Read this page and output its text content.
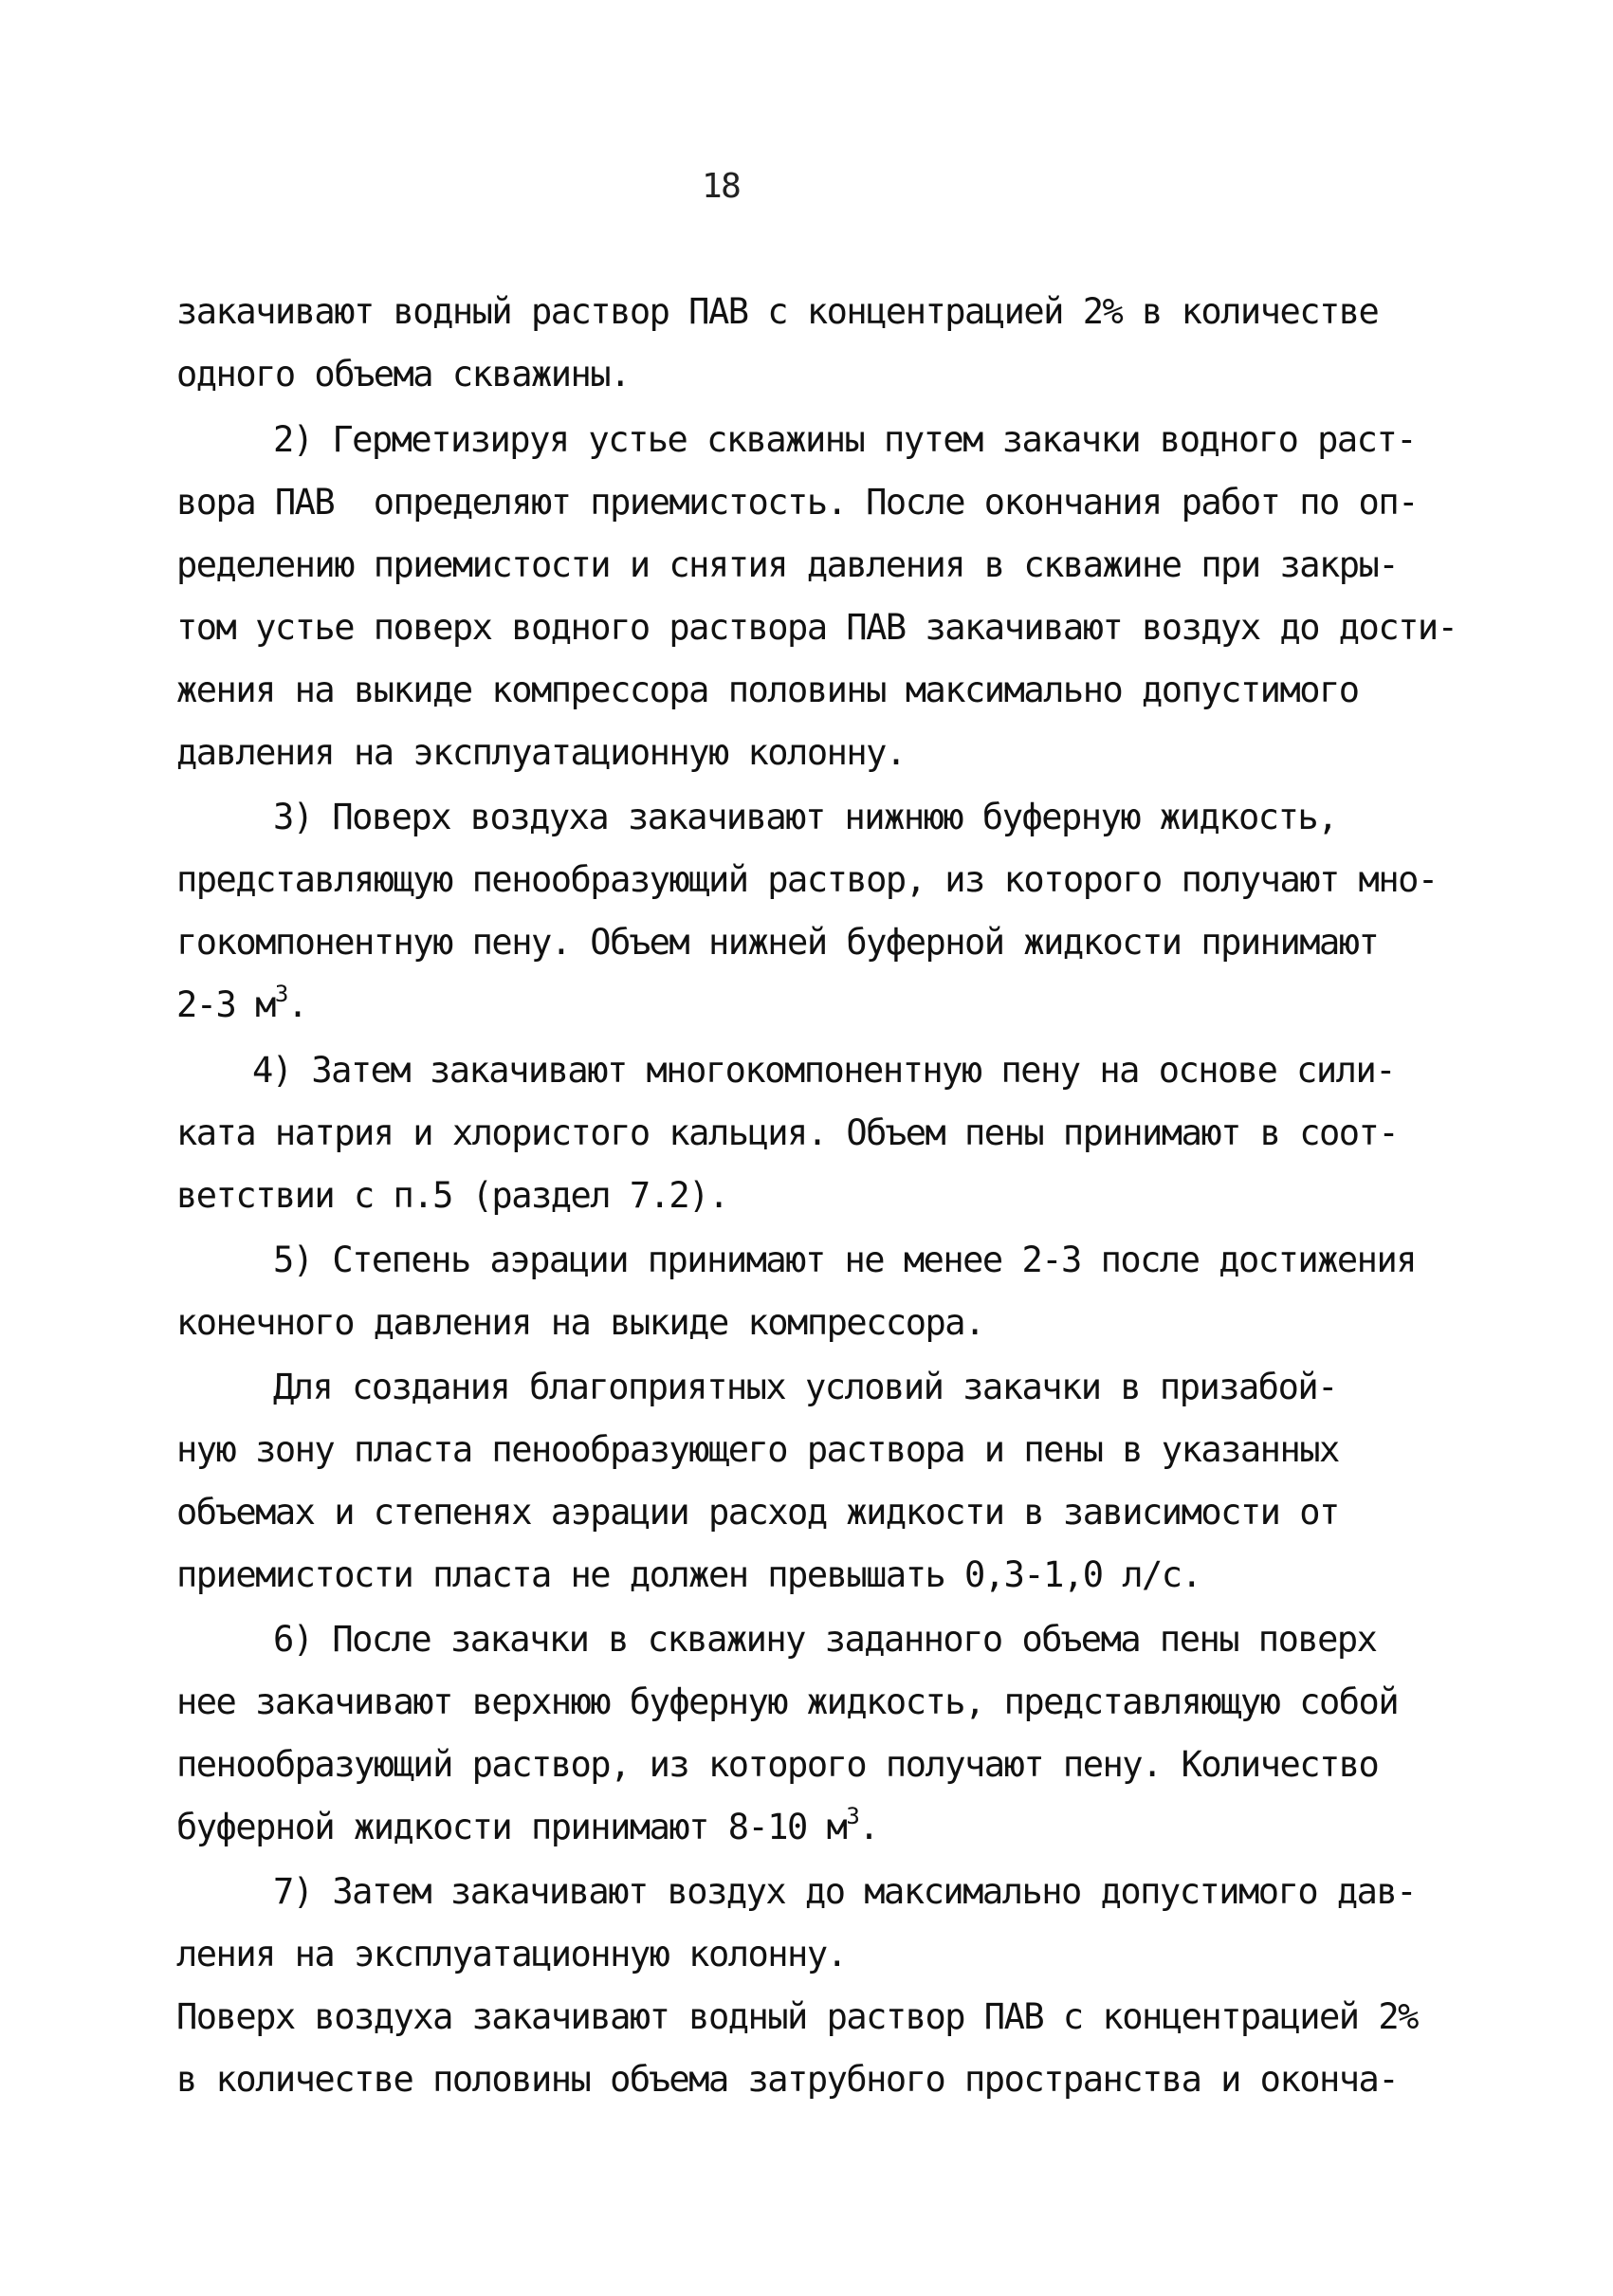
18
закачивают водный раствор ПАВ с концентрацией 2% в количестве
одного объема скважины.
2) Герметизируя устье скважины путем закачки водного раст-
вора ПАВ  определяют приемистость. После окончания работ по оп-
ределению приемистости и снятия давления в скважине при закры-
том устье поверх водного раствора ПАВ закачивают воздух до дости-
жения на выкиде компрессора половины максимально допустимого
давления на эксплуатационную колонну.
3) Поверх воздуха закачивают нижнюю буферную жидкость,
представляющую пенообразующий раствор, из которого получают мно-
гокомпонентную пену. Объем нижней буферной жидкости принимают
2-3 $м^3$.
4) Затем закачивают многокомпонентную пену на основе сили-
ката натрия и хлористого кальция. Объем пены принимают в соот-
ветствии с п.5 (раздел 7.2).
5) Степень аэрации принимают не менее 2-3 после достижения
конечного давления на выкиде компрессора.
Для создания благоприятных условий закачки в призабой-
ную зону пласта пенообразующего раствора и пены в указанных
объемах и степенях аэрации расход жидкости в зависимости от
приемистости пласта не должен превышать 0,3-1,0 л/с.
6) После закачки в скважину заданного объема пены поверх
нее закачивают верхнюю буферную жидкость, представляющую собой
пенообразующий раствор, из которого получают пену. Количество
буферной жидкости принимают 8-10 $м^3$.
7) Затем закачивают воздух до максимально допустимого дав-
ления на эксплуатационную колонну.
Поверх воздуха закачивают водный раствор ПАВ с концентрацией 2%
в количестве половины объема затрубного пространства и оконча-
